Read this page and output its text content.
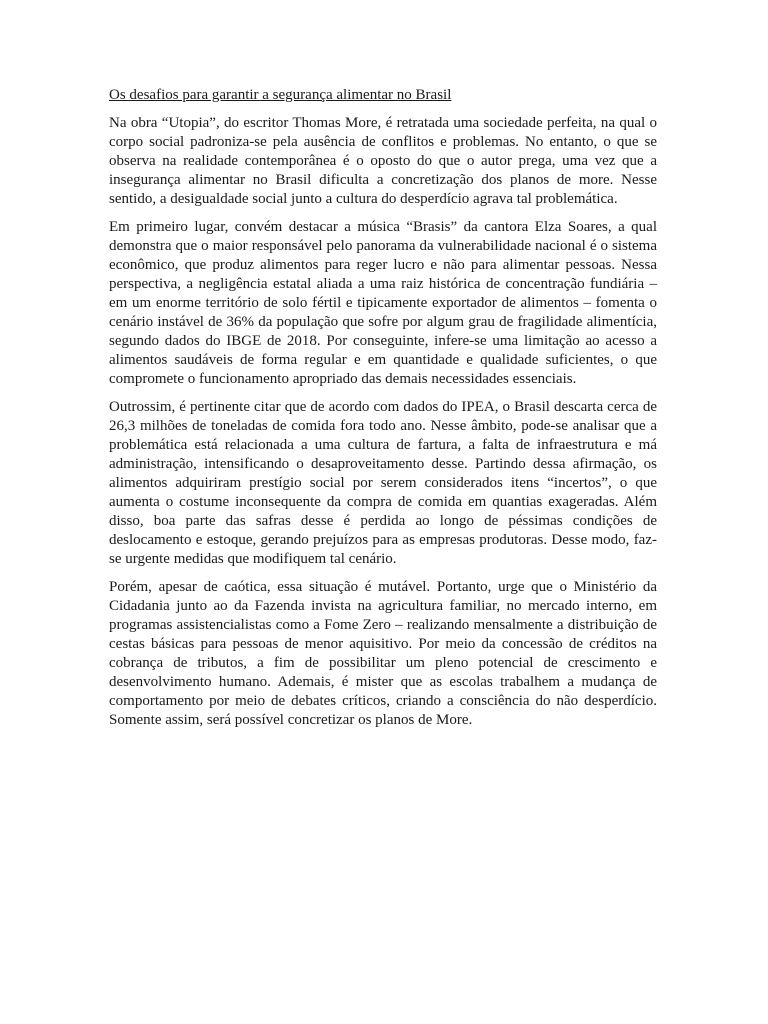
Os desafios para garantir a segurança alimentar no Brasil

Na obra “Utopia”, do escritor Thomas More, é retratada uma sociedade perfeita, na qual o corpo social padroniza-se pela ausência de conflitos e problemas. No entanto, o que se observa na realidade contemporânea é o oposto do que o autor prega, uma vez que a insegurança alimentar no Brasil dificulta a concretização dos planos de more. Nesse sentido, a desigualdade social junto a cultura do desperdício agrava tal problemática.

Em primeiro lugar, convém destacar a música “Brasis” da cantora Elza Soares, a qual demonstra que o maior responsável pelo panorama da vulnerabilidade nacional é o sistema econômico, que produz alimentos para reger lucro e não para alimentar pessoas. Nessa perspectiva, a negligência estatal aliada a uma raiz histórica de concentração fundiária – em um enorme território de solo fértil e tipicamente exportador de alimentos – fomenta o cenário instável de 36% da população que sofre por algum grau de fragilidade alimentícia, segundo dados do IBGE de 2018. Por conseguinte, infere-se uma limitação ao acesso a alimentos saudáveis de forma regular e em quantidade e qualidade suficientes, o que compromete o funcionamento apropriado das demais necessidades essenciais.

Outrossim, é pertinente citar que de acordo com dados do IPEA, o Brasil descarta cerca de 26,3 milhões de toneladas de comida fora todo ano. Nesse âmbito, pode-se analisar que a problemática está relacionada a uma cultura de fartura, a falta de infraestrutura e má administração, intensificando o desaproveitamento desse. Partindo dessa afirmação, os alimentos adquiriram prestígio social por serem considerados itens “incertos”, o que aumenta o costume inconsequente da compra de comida em quantias exageradas. Além disso, boa parte das safras desse é perdida ao longo de péssimas condições de deslocamento e estoque, gerando prejuízos para as empresas produtoras. Desse modo, faz-se urgente medidas que modifiquem tal cenário.

Porém, apesar de caótica, essa situação é mutável. Portanto, urge que o Ministério da Cidadania junto ao da Fazenda invista na agricultura familiar, no mercado interno, em programas assistencialistas como a Fome Zero – realizando mensalmente a distribuição de cestas básicas para pessoas de menor aquisitivo. Por meio da concessão de créditos na cobrança de tributos, a fim de possibilitar um pleno potencial de crescimento e desenvolvimento humano. Ademais, é mister que as escolas trabalhem a mudança de comportamento por meio de debates críticos, criando a consciência do não desperdício. Somente assim, será possível concretizar os planos de More.
